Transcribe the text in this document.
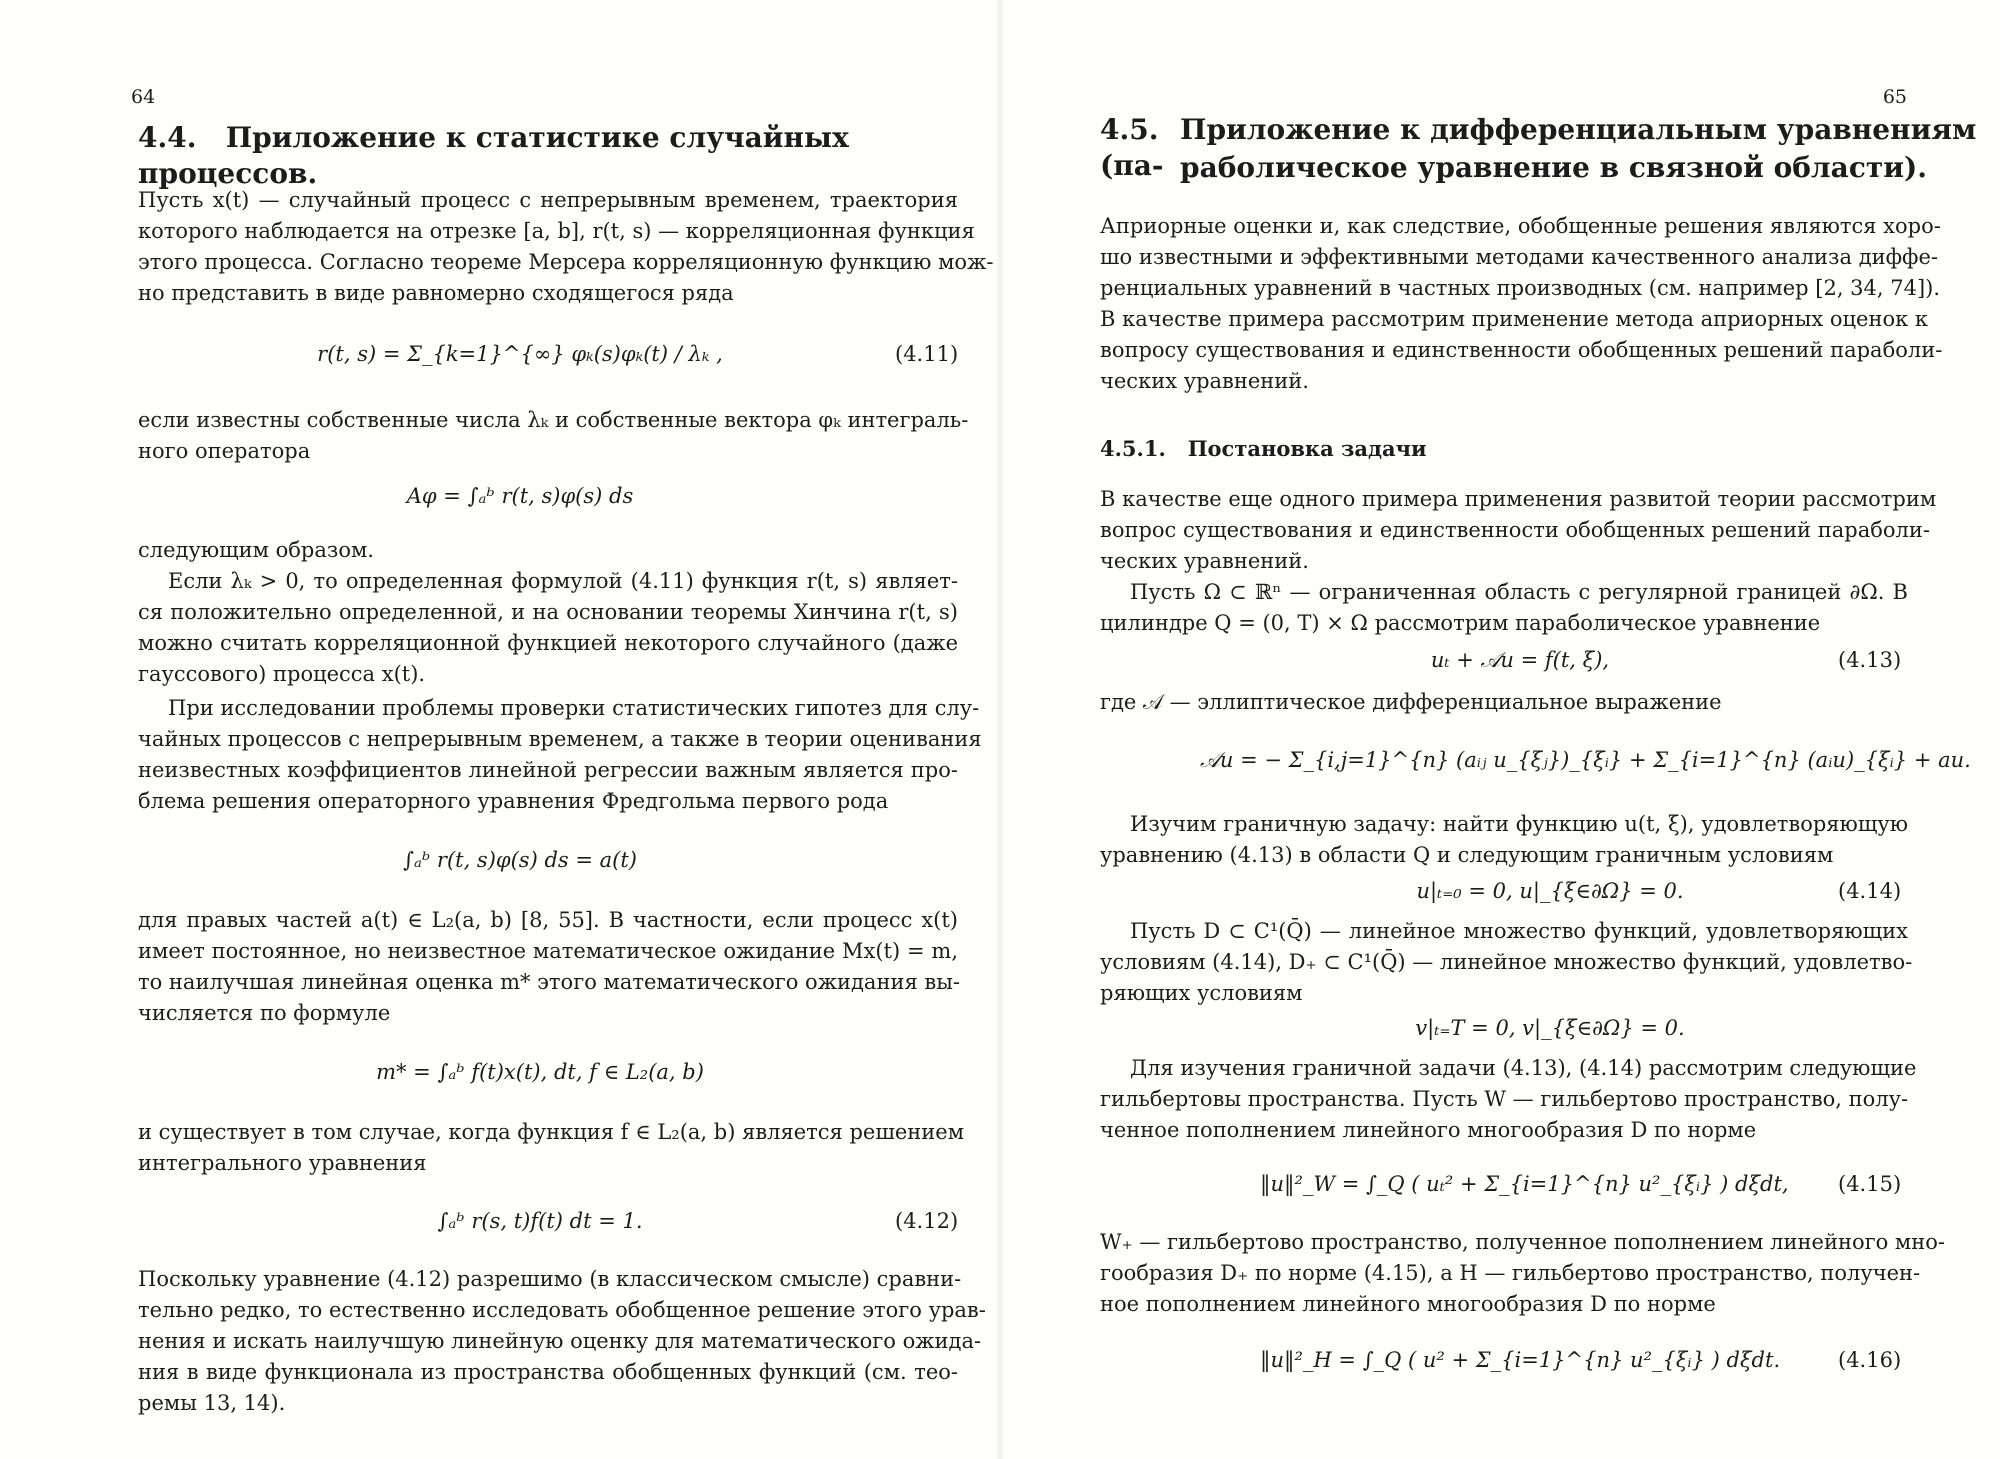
64
4.4. Приложение к статистике случайных процессов.
Пусть x(t) — случайный процесс с непрерывным временем, траектория
которого наблюдается на отрезке [a, b], r(t, s) — корреляционная функция
этого процесса. Согласно теореме Мерсера корреляционную функцию мож-
но представить в виде равномерно сходящегося ряда
r(t, s) = Σ_{k=1}^{∞} φₖ(s)φₖ(t) / λₖ ,	(4.11)
если известны собственные числа λₖ и собственные вектора φₖ интеграль-
ного оператора
Aφ = ∫ₐᵇ r(t, s)φ(s) ds
следующим образом.
Если λₖ > 0, то определенная формулой (4.11) функция r(t, s) являет-
ся положительно определенной, и на основании теоремы Хинчина r(t, s)
можно считать корреляционной функцией некоторого случайного (даже
гауссового) процесса x(t).
При исследовании проблемы проверки статистических гипотез для слу-
чайных процессов с непрерывным временем, а также в теории оценивания
неизвестных коэффициентов линейной регрессии важным является про-
блема решения операторного уравнения Фредгольма первого рода
∫ₐᵇ r(t, s)φ(s) ds = a(t)
для правых частей a(t) ∈ L₂(a, b) [8, 55]. В частности, если процесс x(t)
имеет постоянное, но неизвестное математическое ожидание Mx(t) = m,
то наилучшая линейная оценка m* этого математического ожидания вы-
числяется по формуле
m* = ∫ₐᵇ f(t)x(t), dt, f ∈ L₂(a, b)
и существует в том случае, когда функция f ∈ L₂(a, b) является решением
интегрального уравнения
∫ₐᵇ r(s, t)f(t) dt = 1.	(4.12)
Поскольку уравнение (4.12) разрешимо (в классическом смысле) сравни-
тельно редко, то естественно исследовать обобщенное решение этого урав-
нения и искать наилучшую линейную оценку для математического ожида-
ния в виде функционала из пространства обобщенных функций (см. тео-
ремы 13, 14).
65
4.5. Приложение к дифференциальным уравнениям (па- раболическое уравнение в связной области).
Априорные оценки и, как следствие, обобщенные решения являются хоро-
шо известными и эффективными методами качественного анализа диффе-
ренциальных уравнений в частных производных (см. например [2, 34, 74]).
В качестве примера рассмотрим применение метода априорных оценок к
вопросу существования и единственности обобщенных решений параболи-
ческих уравнений.
4.5.1. Постановка задачи
В качестве еще одного примера применения развитой теории рассмотрим
вопрос существования и единственности обобщенных решений параболи-
ческих уравнений.
Пусть Ω ⊂ ℝⁿ — ограниченная область с регулярной границей ∂Ω. В
цилиндре Q = (0, T) × Ω рассмотрим параболическое уравнение
uₜ + 𝒜u = f(t, ξ),	(4.13)
где 𝒜 — эллиптическое дифференциальное выражение
𝒜u = − Σ_{i,j=1}^{n} (aᵢⱼ u_{ξⱼ})_{ξᵢ} + Σ_{i=1}^{n} (aᵢu)_{ξᵢ} + au.
Изучим граничную задачу: найти функцию u(t, ξ), удовлетворяющую
уравнению (4.13) в области Q и следующим граничным условиям
u|ₜ₌₀ = 0, u|_{ξ∈∂Ω} = 0.	(4.14)
Пусть D ⊂ C¹(Q̄) — линейное множество функций, удовлетворяющих
условиям (4.14), D₊ ⊂ C¹(Q̄) — линейное множество функций, удовлетво-
ряющих условиям
v|ₜ₌T = 0, v|_{ξ∈∂Ω} = 0.
Для изучения граничной задачи (4.13), (4.14) рассмотрим следующие
гильбертовы пространства. Пусть W — гильбертово пространство, полу-
ченное пополнением линейного многообразия D по норме
‖u‖²_W = ∫_Q ( uₜ² + Σ_{i=1}^{n} u²_{ξᵢ} ) dξdt, (4.15)
W₊ — гильбертово пространство, полученное пополнением линейного мно-
гообразия D₊ по норме (4.15), а H — гильбертово пространство, получен-
ное пополнением линейного многообразия D по норме
‖u‖²_H = ∫_Q ( u² + Σ_{i=1}^{n} u²_{ξᵢ} ) dξdt.	(4.16)
